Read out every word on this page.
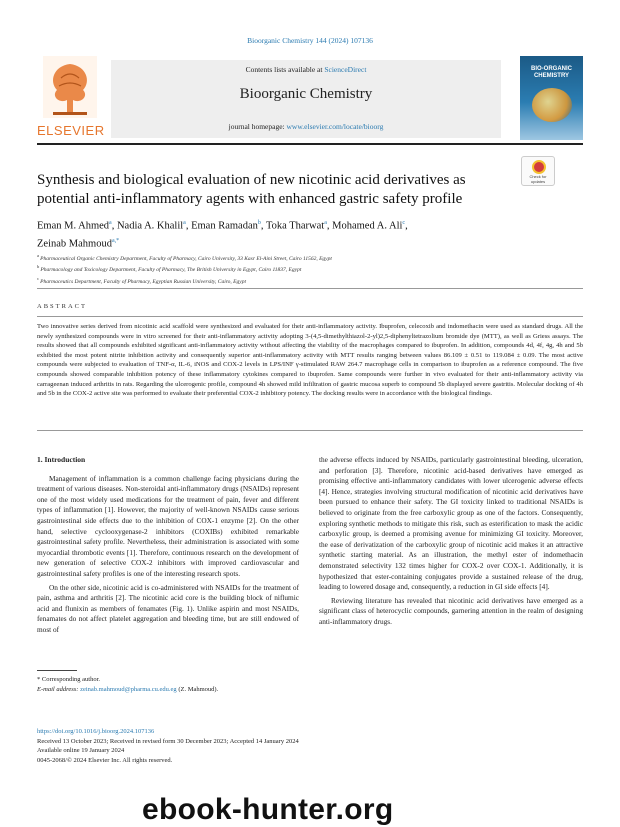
Bioorganic Chemistry 144 (2024) 107136
ELSEVIER
Contents lists available at ScienceDirect
Bioorganic Chemistry
journal homepage: www.elsevier.com/locate/bioorg
BIO-ORGANIC CHEMISTRY
Synthesis and biological evaluation of new nicotinic acid derivatives as potential anti-inflammatory agents with enhanced gastric safety profile
Check for updates
Eman M. Ahmed$^a$, Nadia A. Khalil$^a$, Eman Ramadan$^b$, Toka Tharwat$^a$, Mohamed A. Ali$^c$,
Zeinab Mahmoud$^{a,*}$
$^a$ Pharmaceutical Organic Chemistry Department, Faculty of Pharmacy, Cairo University, 33 Kasr El-Aini Street, Cairo 11562, Egypt
$^b$ Pharmacology and Toxicology Department, Faculty of Pharmacy, The British University in Egypt, Cairo 11837, Egypt
$^c$ Pharmaceutics Department, Faculty of Pharmacy, Egyptian Russian University, Cairo, Egypt
ABSTRACT
Two innovative series derived from nicotinic acid scaffold were synthesized and evaluated for their anti-inflammatory activity. Ibuprofen, celecoxib and indomethacin were used as standard drugs. All the newly synthesized compounds were in vitro screened for their anti-inflammatory activity adopting 3-(4,5-dimethylthiazol-2-yl)2,5-diphenyltetrazolium bromide dye (MTT), as well as Griess assays. The results showed that all compounds exhibited significant anti-inflammatory activity without affecting the viability of the macrophages compared to ibuprofen. In addition, compounds 4d, 4f, 4g, 4h and 5b exhibited the most potent nitrite inhibition activity and consequently superior anti-inflammatory activity with MTT results ranging between values 86.109 ± 0.51 to 119.084 ± 0.09. The most active compounds were subjected to evaluation of TNF-α, IL-6, iNOS and COX-2 levels in LPS/INF γ-stimulated RAW 264.7 macrophage cells in comparison to ibuprofen as a reference compound. The five compounds showed comparable inhibition potency of these inflammatory cytokines compared to ibuprofen. Same compounds were further in vivo evaluated for their anti-inflammatory activity via carrageenan induced arthritis in rats. Regarding the ulcerogenic profile, compound 4h showed mild infiltration of gastric mucosa superb to compound 5b displayed severe gastritis. Molecular docking of 4h and 5b in the COX-2 active site was performed to evaluate their preferential COX-2 inhibitory potency. The docking results were in accordance with the biological findings.
1. Introduction

Management of inflammation is a common challenge facing physicians during the treatment of various diseases. Non-steroidal anti-inflammatory drugs (NSAIDs) represent one of the most widely used medications for the treatment of pain, fever and different types of inflammation [1]. However, the majority of well-known NSAIDs cause serious gastrointestinal side effects due to the inhibition of COX-1 enzyme [2]. On the other hand, selective cyclooxygenase-2 inhibitors (COXIBs) exhibited remarkable gastrointestinal safety profile. Nevertheless, their administration is associated with some myocardial thrombotic events [1]. Therefore, continuous research on the development of new generation of selective COX-2 inhibitors with improved cardiovascular and gastrointestinal safety profiles is one of the interesting research spots.

On the other side, nicotinic acid is co-administered with NSAIDs for the treatment of pain, asthma and arthritis [2]. The nicotinic acid core is the building block of niflumic acid and flunixin as members of fenamates (Fig. 1). Unlike aspirin and most NSAIDs, fenamates do not affect platelet aggregation and bleeding time, but are still endowed of most of

the adverse effects induced by NSAIDs, particularly gastrointestinal bleeding, ulceration, and perforation [3]. Therefore, nicotinic acid-based derivatives have emerged as promising effective anti-inflammatory candidates with lower ulcerogenic adverse effects [4]. Hence, strategies involving structural modification of nicotinic acid derivatives have been pursued to enhance their safety. The GI toxicity linked to traditional NSAIDs is believed to originate from the free carboxylic group as one of the factors. Consequently, exploring synthetic methods to mitigate this risk, such as esterification to mask the acidic carboxylic group, is deemed a promising avenue for minimizing GI toxicity. Moreover, the ease of derivatization of the carboxylic group of nicotinic acid makes it an attractive synthetic starting material. As an illustration, the methyl ester of indomethacin demonstrated selectivity 132 times higher for COX-2 over COX-1. Additionally, it is hypothesized that ester-containing conjugates provide a sustained release of the drug, leading to lowered dosage and, consequently, a reduction in GI side effects [4].

Reviewing literature has revealed that nicotinic acid derivatives have emerged as a significant class of heterocyclic compounds, garnering attention in the realm of designing anti-inflammatory drugs.

* Corresponding author.
E-mail address: zeinab.mahmoud@pharma.cu.edu.eg (Z. Mahmoud).
https://doi.org/10.1016/j.bioorg.2024.107136
Received 13 October 2023; Received in revised form 30 December 2023; Accepted 14 January 2024
Available online 19 January 2024
0045-2068/© 2024 Elsevier Inc. All rights reserved.
ebook-hunter.org
